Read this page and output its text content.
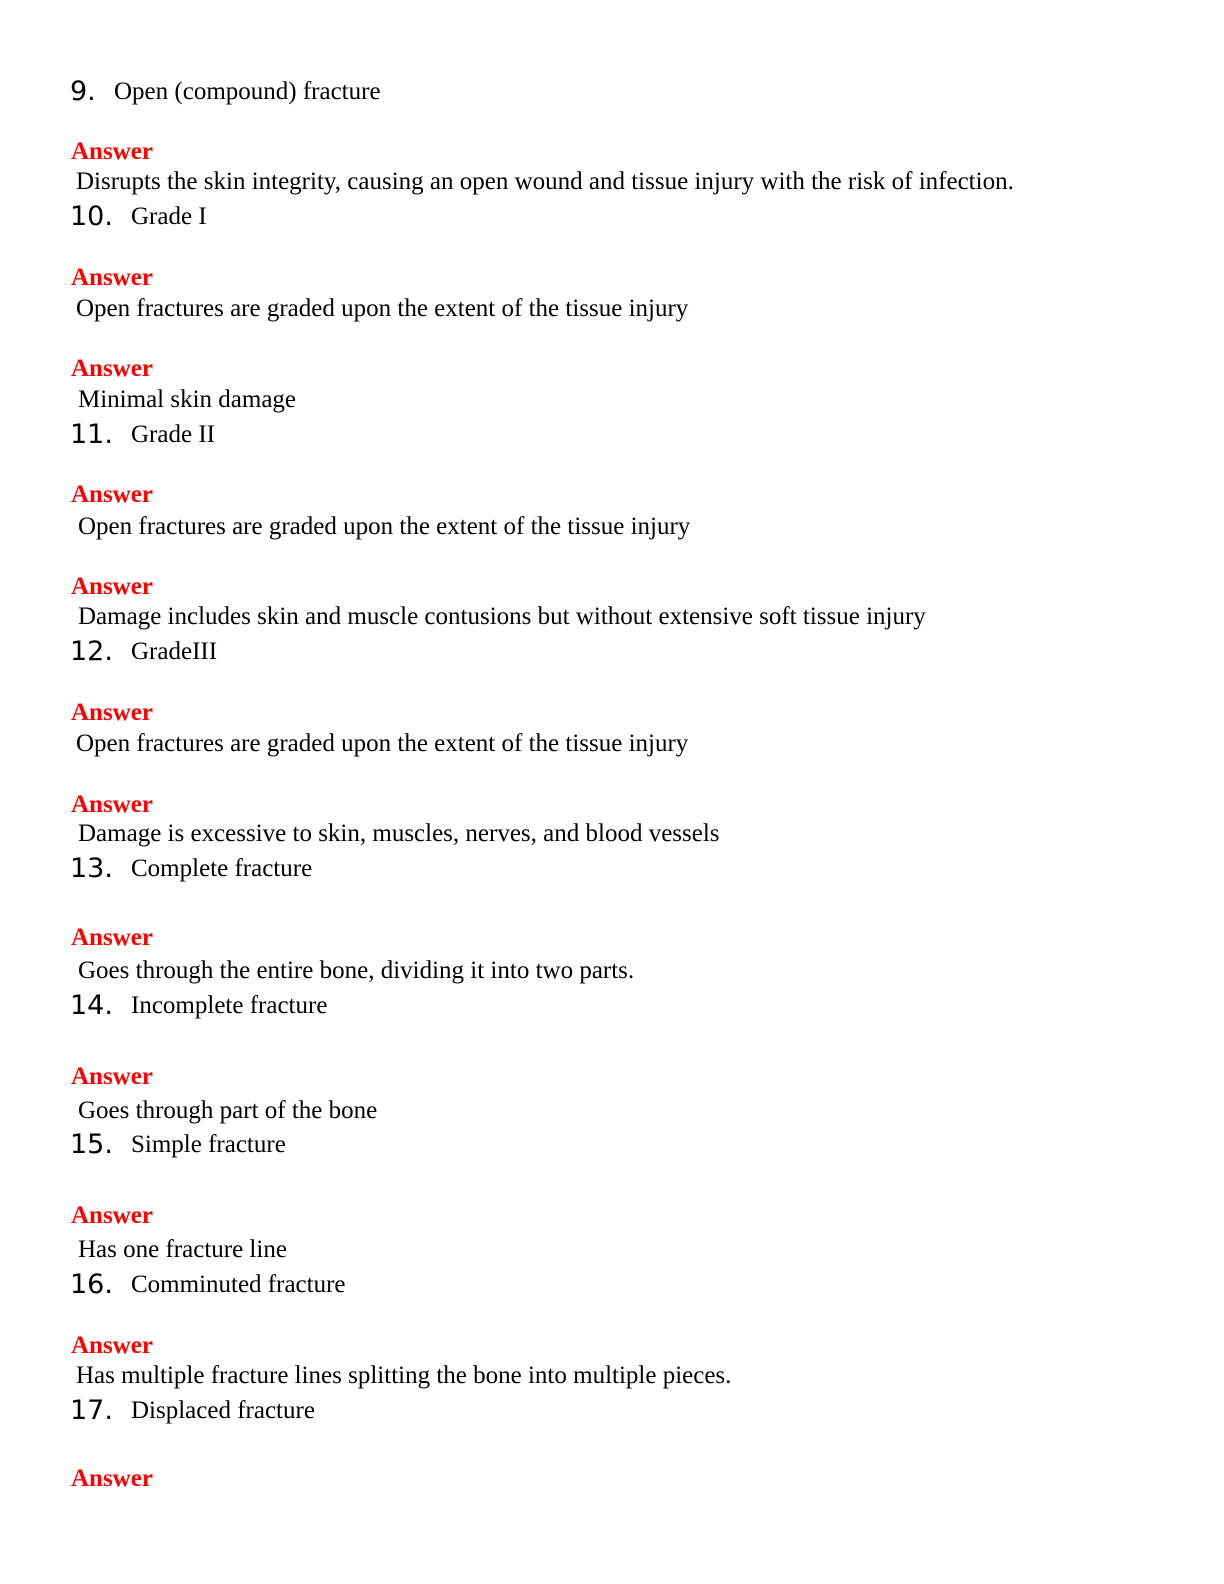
9. Open (compound) fracture
Answer
Disrupts the skin integrity, causing an open wound and tissue injury with the risk of infection.
10. Grade I
Answer
Open fractures are graded upon the extent of the tissue injury
Answer
Minimal skin damage
11. Grade II
Answer
Open fractures are graded upon the extent of the tissue injury
Answer
Damage includes skin and muscle contusions but without extensive soft tissue injury
12. GradeIII
Answer
Open fractures are graded upon the extent of the tissue injury
Answer
Damage is excessive to skin, muscles, nerves, and blood vessels
13. Complete fracture
Answer
Goes through the entire bone, dividing it into two parts.
14. Incomplete fracture
Answer
Goes through part of the bone
15. Simple fracture
Answer
Has one fracture line
16. Comminuted fracture
Answer
Has multiple fracture lines splitting the bone into multiple pieces.
17. Displaced fracture
Answer
